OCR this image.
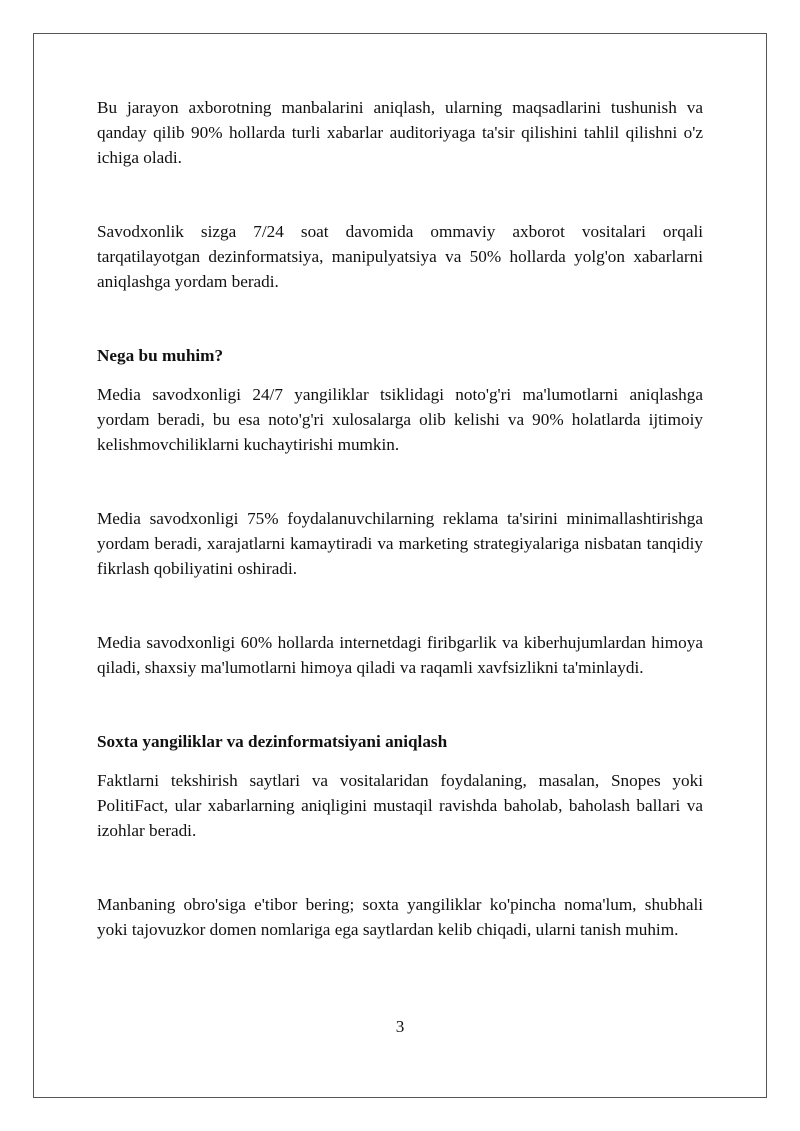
Bu jarayon axborotning manbalarini aniqlash, ularning maqsadlarini tushunish va qanday qilib 90% hollarda turli xabarlar auditoriyaga ta'sir qilishini tahlil qilishni o'z ichiga oladi.

Savodxonlik sizga 7/24 soat davomida ommaviy axborot vositalari orqali tarqatilayotgan dezinformatsiya, manipulyatsiya va 50% hollarda yolg'on xabarlarni aniqlashga yordam beradi.

Nega bu muhim?

Media savodxonligi 24/7 yangiliklar tsiklidagi noto'g'ri ma'lumotlarni aniqlashga yordam beradi, bu esa noto'g'ri xulosalarga olib kelishi va 90% holatlarda ijtimoiy kelishmovchiliklarni kuchaytirishi mumkin.

Media savodxonligi 75% foydalanuvchilarning reklama ta'sirini minimallashtirishga yordam beradi, xarajatlarni kamaytiradi va marketing strategiyalariga nisbatan tanqidiy fikrlash qobiliyatini oshiradi.

Media savodxonligi 60% hollarda internetdagi firibgarlik va kiberhujumlardan himoya qiladi, shaxsiy ma'lumotlarni himoya qiladi va raqamli xavfsizlikni ta'minlaydi.

Soxta yangiliklar va dezinformatsiyani aniqlash

Faktlarni tekshirish saytlari va vositalaridan foydalaning, masalan, Snopes yoki PolitiFact, ular xabarlarning aniqligini mustaqil ravishda baholab, baholash ballari va izohlar beradi.

Manbaning obro'siga e'tibor bering; soxta yangiliklar ko'pincha noma'lum, shubhali yoki tajovuzkor domen nomlariga ega saytlardan kelib chiqadi, ularni tanish muhim.

3
